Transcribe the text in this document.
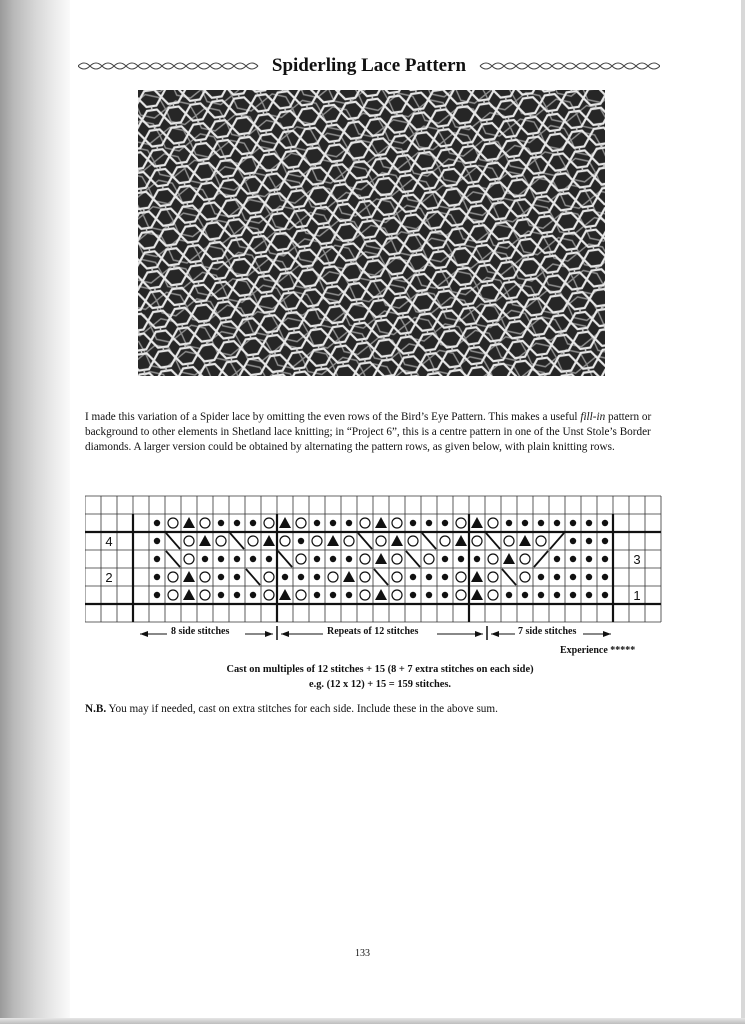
Spiderling Lace Pattern
I made this variation of a Spider lace by omitting the even rows of the Bird’s Eye Pattern. This makes a useful fill-in pattern or background to other elements in Shetland lace knitting; in “Project 6”, this is a centre pattern in one of the Unst Stole’s Border diamonds. A larger version could be obtained by alternating the pattern rows, as given below, with plain knitting rows.
4
2
3
1
8 side stitches	Repeats of 12 stitches	7 side stitches
Experience *****
Cast on multiples of 12 stitches + 15 (8 + 7 extra stitches on each side)
e.g. (12 x 12) + 15 = 159 stitches.
N.B. You may if needed, cast on extra stitches for each side. Include these in the above sum.
133
